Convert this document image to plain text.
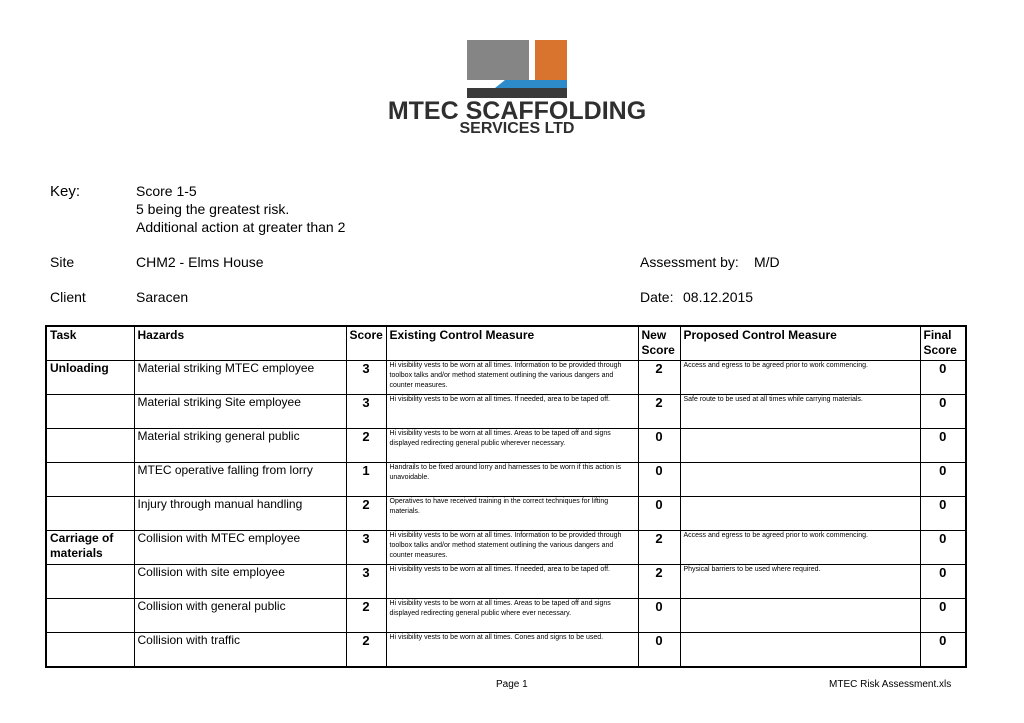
MTEC SCAFFOLDING
SERVICES LTD
Key:	Score 1-5
5 being the greatest risk.
Additional action at greater than 2
Site	CHM2 - Elms House	Assessment by: M/D
Client	Saracen	Date: 08.12.2015
Task	Hazards	Score	Existing Control Measure	New Score	Proposed Control Measure	Final Score
Unloading	Material striking MTEC employee	3	Hi visibility vests to be worn at all times. Information to be provided through toolbox talks and/or method statement outlining the various dangers and counter measures.	2	Access and egress to be agreed prior to work commencing.	0
	Material striking Site employee	3	Hi visibility vests to be worn at all times. If needed, area to be taped off.	2	Safe route to be used at all times while carrying materials.	0
	Material striking general public	2	Hi visibility vests to be worn at all times. Areas to be taped off and signs displayed redirecting general public wherever necessary.	0		0
	MTEC operative falling from lorry	1	Handrails to be fixed around lorry and harnesses to be worn if this action is unavoidable.	0		0
	Injury through manual handling	2	Operatives to have received training in the correct techniques for lifting materials.	0		0
Carriage of materials	Collision with MTEC employee	3	Hi visibility vests to be worn at all times. Information to be provided through toolbox talks and/or method statement outlining the various dangers and counter measures.	2	Access and egress to be agreed prior to work commencing.	0
	Collision with site employee	3	Hi visibility vests to be worn at all times. If needed, area to be taped off.	2	Physical barriers to be used where required.	0
	Collision with general public	2	Hi visibility vests to be worn at all times. Areas to be taped off and signs displayed redirecting general public where ever necessary.	0		0
	Collision with traffic	2	Hi visibility vests to be worn at all times. Cones and signs to be used.	0		0
Page 1	MTEC Risk Assessment.xls
